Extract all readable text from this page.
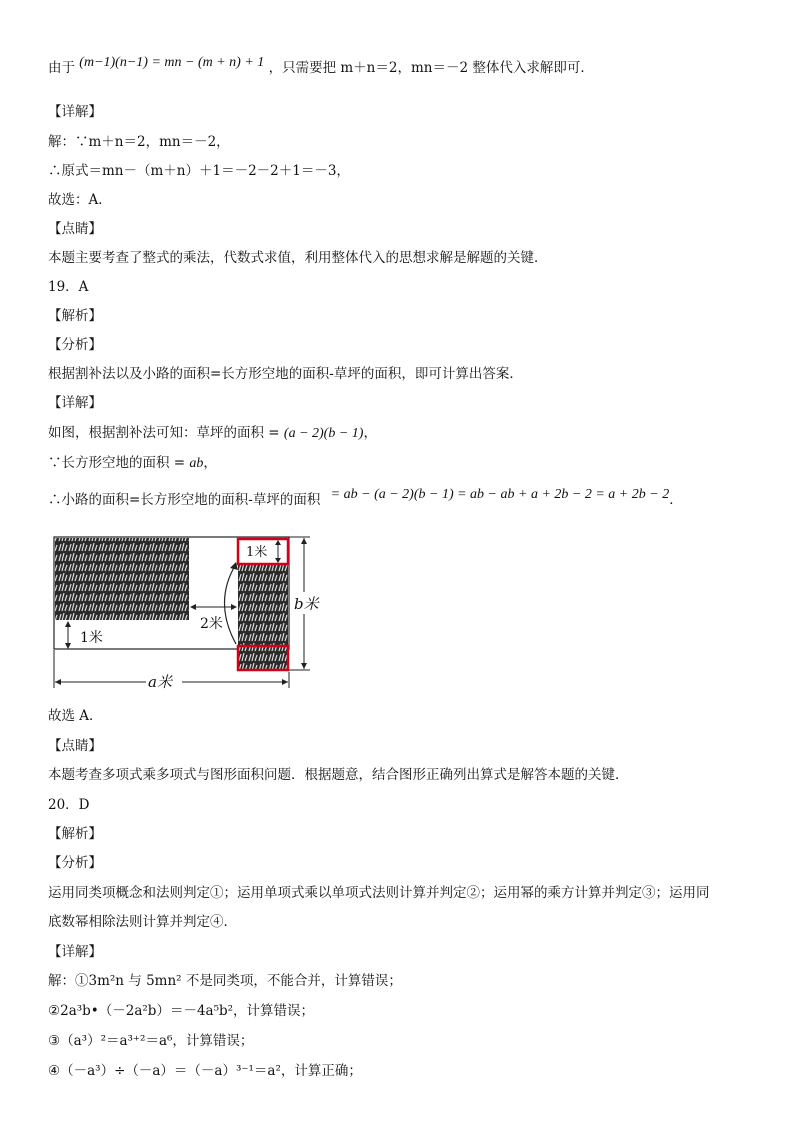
由于 (m−1)(n−1) = mn − (m + n) + 1 ，只需要把 m＋n＝2，mn＝－2 整体代入求解即可．
【详解】
解：∵m＋n＝2，mn＝－2，
∴原式＝mn－（m＋n）＋1＝－2－2＋1＝－3，
故选：A．
【点睛】
本题主要考查了整式的乘法，代数式求值，利用整体代入的思想求解是解题的关键．
19．A
【解析】
【分析】
根据割补法以及小路的面积=长方形空地的面积-草坪的面积，即可计算出答案．
【详解】
如图，根据割补法可知：草坪的面积 = (a − 2)(b − 1)，
∵长方形空地的面积 = ab，
∴小路的面积=长方形空地的面积-草坪的面积 = ab − (a − 2)(b − 1) = ab − ab + a + 2b − 2 = a + 2b − 2．
1米
2米
b米
1米
a米
故选 A．
【点睛】
本题考查多项式乘多项式与图形面积问题．根据题意，结合图形正确列出算式是解答本题的关键．
20．D
【解析】
【分析】
运用同类项概念和法则判定①；运用单项式乘以单项式法则计算并判定②；运用幂的乘方计算并判定③；运用同
底数幂相除法则计算并判定④．
【详解】
解：①3m²n 与 5mn² 不是同类项，不能合并，计算错误；
②2a³b•（－2a²b）＝－4a⁵b²，计算错误；
③（a³）²＝a³⁺²＝a⁶，计算错误；
④（－a³）÷（－a）＝（－a）³⁻¹＝a²，计算正确；
